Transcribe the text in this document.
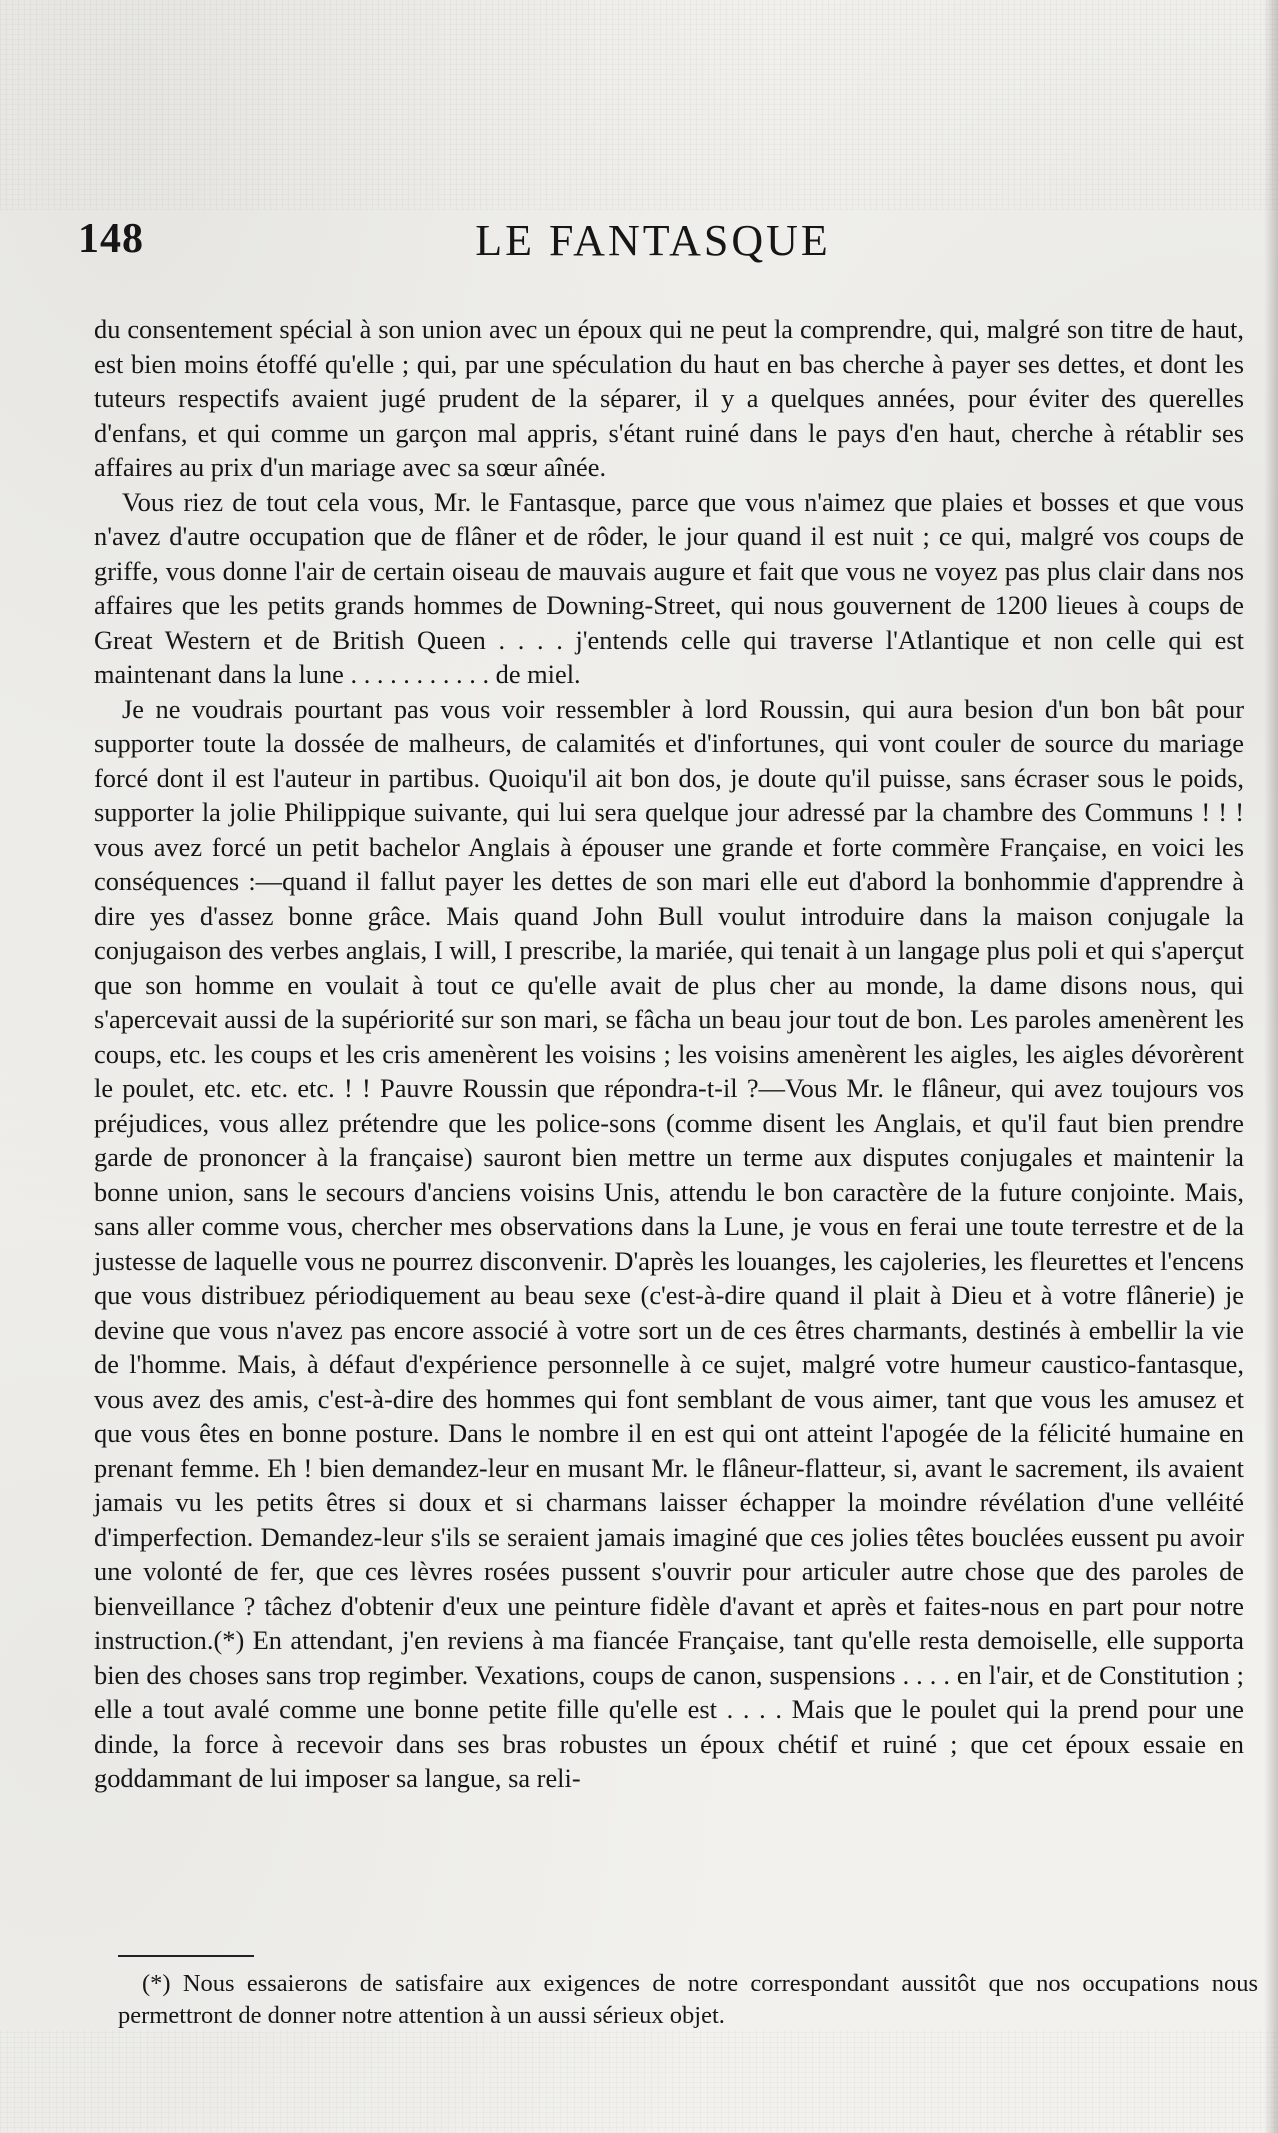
148	LE FANTASQUE

du consentement spécial à son union avec un époux qui ne peut la comprendre, qui, malgré son titre de haut, est bien moins étoffé qu'elle ; qui, par une spéculation du haut en bas cherche à payer ses dettes, et dont les tuteurs respectifs avaient jugé prudent de la séparer, il y a quelques années, pour éviter des querelles d'enfans, et qui comme un garçon mal appris, s'étant ruiné dans le pays d'en haut, cherche à rétablir ses affaires au prix d'un mariage avec sa sœur aînée.

Vous riez de tout cela vous, Mr. le Fantasque, parce que vous n'aimez que plaies et bosses et que vous n'avez d'autre occupation que de flâner et de rôder, le jour quand il est nuit ; ce qui, malgré vos coups de griffe, vous donne l'air de certain oiseau de mauvais augure et fait que vous ne voyez pas plus clair dans nos affaires que les petits grands hommes de Downing-Street, qui nous gouvernent de 1200 lieues à coups de Great Western et de British Queen . . . . j'entends celle qui traverse l'Atlantique et non celle qui est maintenant dans la lune . . . . . . . . . . . de miel.

Je ne voudrais pourtant pas vous voir ressembler à lord Roussin, qui aura besion d'un bon bât pour supporter toute la dossée de malheurs, de calamités et d'infortunes, qui vont couler de source du mariage forcé dont il est l'auteur in partibus. Quoiqu'il ait bon dos, je doute qu'il puisse, sans écraser sous le poids, supporter la jolie Philippique suivante, qui lui sera quelque jour adressé par la chambre des Communs ! ! ! vous avez forcé un petit bachelor Anglais à épouser une grande et forte commère Française, en voici les conséquences :—quand il fallut payer les dettes de son mari elle eut d'abord la bonhommie d'apprendre à dire yes d'assez bonne grâce. Mais quand John Bull voulut introduire dans la maison conjugale la conjugaison des verbes anglais, I will, I prescribe, la mariée, qui tenait à un langage plus poli et qui s'aperçut que son homme en voulait à tout ce qu'elle avait de plus cher au monde, la dame disons nous, qui s'apercevait aussi de la supériorité sur son mari, se fâcha un beau jour tout de bon. Les paroles amenèrent les coups, etc. les coups et les cris amenèrent les voisins ; les voisins amenèrent les aigles, les aigles dévorèrent le poulet, etc. etc. etc. ! ! Pauvre Roussin que répondra-t-il ?—Vous Mr. le flâneur, qui avez toujours vos préjudices, vous allez prétendre que les police-sons (comme disent les Anglais, et qu'il faut bien prendre garde de prononcer à la française) sauront bien mettre un terme aux disputes conjugales et maintenir la bonne union, sans le secours d'anciens voisins Unis, attendu le bon caractère de la future conjointe. Mais, sans aller comme vous, chercher mes observations dans la Lune, je vous en ferai une toute terrestre et de la justesse de laquelle vous ne pourrez disconvenir. D'après les louanges, les cajoleries, les fleurettes et l'encens que vous distribuez périodiquement au beau sexe (c'est-à-dire quand il plait à Dieu et à votre flânerie) je devine que vous n'avez pas encore associé à votre sort un de ces êtres charmants, destinés à embellir la vie de l'homme. Mais, à défaut d'expérience personnelle à ce sujet, malgré votre humeur caustico-fantasque, vous avez des amis, c'est-à-dire des hommes qui font semblant de vous aimer, tant que vous les amusez et que vous êtes en bonne posture. Dans le nombre il en est qui ont atteint l'apogée de la félicité humaine en prenant femme. Eh ! bien demandez-leur en musant Mr. le flâneur-flatteur, si, avant le sacrement, ils avaient jamais vu les petits êtres si doux et si charmans laisser échapper la moindre révélation d'une velléité d'imperfection. Demandez-leur s'ils se seraient jamais imaginé que ces jolies têtes bouclées eussent pu avoir une volonté de fer, que ces lèvres rosées pussent s'ouvrir pour articuler autre chose que des paroles de bienveillance ? tâchez d'obtenir d'eux une peinture fidèle d'avant et après et faites-nous en part pour notre instruction.(*) En attendant, j'en reviens à ma fiancée Française, tant qu'elle resta demoiselle, elle supporta bien des choses sans trop regimber. Vexations, coups de canon, suspensions . . . . en l'air, et de Constitution ; elle a tout avalé comme une bonne petite fille qu'elle est . . . . Mais que le poulet qui la prend pour une dinde, la force à recevoir dans ses bras robustes un époux chétif et ruiné ; que cet époux essaie en goddammant de lui imposer sa langue, sa reli-

(*) Nous essaierons de satisfaire aux exigences de notre correspondant aussitôt que nos occupations nous permettront de donner notre attention à un aussi sérieux objet.
